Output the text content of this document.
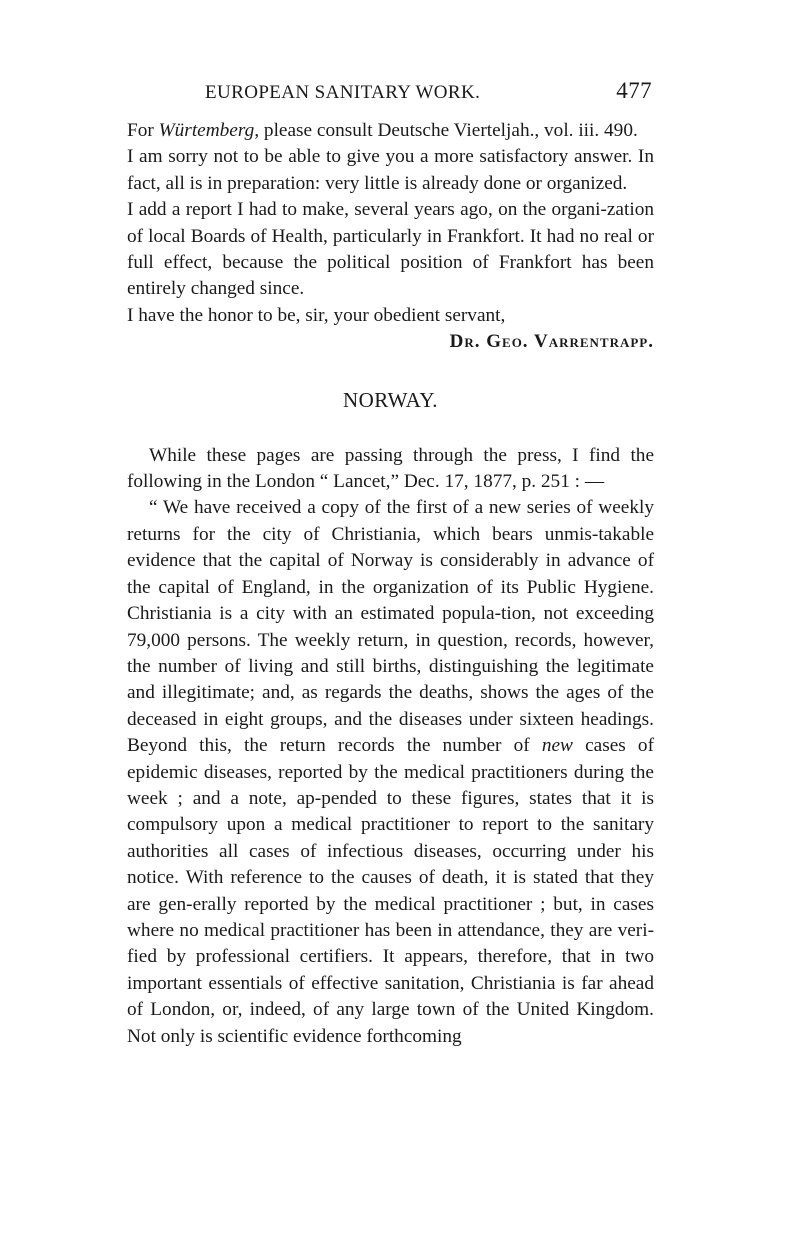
EUROPEAN SANITARY WORK.	477

For Würtemberg, please consult Deutsche Vierteljah., vol. iii. 490.

I am sorry not to be able to give you a more satisfactory answer. In fact, all is in preparation: very little is already done or organized.

I add a report I had to make, several years ago, on the organi-zation of local Boards of Health, particularly in Frankfort. It had no real or full effect, because the political position of Frankfort has been entirely changed since.

I have the honor to be, sir, your obedient servant,

Dr. Geo. Varrentrapp.

NORWAY.

While these pages are passing through the press, I find the following in the London “ Lancet,” Dec. 17, 1877, p. 251 : —

“ We have received a copy of the first of a new series of weekly returns for the city of Christiania, which bears unmis-takable evidence that the capital of Norway is considerably in advance of the capital of England, in the organization of its Public Hygiene. Christiania is a city with an estimated popula-tion, not exceeding 79,000 persons. The weekly return, in question, records, however, the number of living and still births, distinguishing the legitimate and illegitimate; and, as regards the deaths, shows the ages of the deceased in eight groups, and the diseases under sixteen headings. Beyond this, the return records the number of new cases of epidemic diseases, reported by the medical practitioners during the week ; and a note, ap-pended to these figures, states that it is compulsory upon a medical practitioner to report to the sanitary authorities all cases of infectious diseases, occurring under his notice. With reference to the causes of death, it is stated that they are gen-erally reported by the medical practitioner ; but, in cases where no medical practitioner has been in attendance, they are veri-fied by professional certifiers. It appears, therefore, that in two important essentials of effective sanitation, Christiania is far ahead of London, or, indeed, of any large town of the United Kingdom. Not only is scientific evidence forthcoming
